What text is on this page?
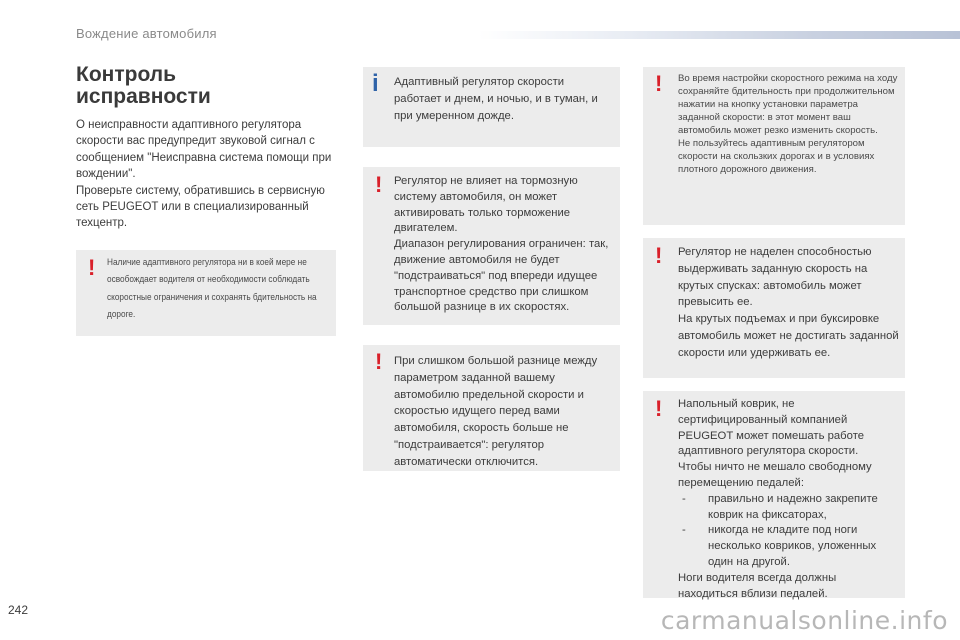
Вождение автомобиля
Контроль
исправности

О неисправности адаптивного регулятора скорости вас предупредит звуковой сигнал с сообщением "Неисправна система помощи при вождении".

Проверьте систему, обратившись в сервисную сеть PEUGEOT или в специализированный техцентр.

! Наличие адаптивного регулятора ни в коей мере не освобождает водителя от необходимости соблюдать скоростные ограничения и сохранять бдительность на дороге.

i Адаптивный регулятор скорости работает и днем, и ночью, и в туман, и при умеренном дожде.

! Регулятор не влияет на тормозную систему автомобиля, он может активировать только торможение двигателем.

Диапазон регулирования ограничен: так, движение автомобиля не будет "подстраиваться" под впереди идущее транспортное средство при слишком большой разнице в их скоростях.

! При слишком большой разнице между параметром заданной вашему автомобилю предельной скорости и скоростью идущего перед вами автомобиля, скорость больше не "подстраивается": регулятор автоматически отключится.

! Во время настройки скоростного режима на ходу сохраняйте бдительность при продолжительном нажатии на кнопку установки параметра заданной скорости: в этот момент ваш автомобиль может резко изменить скорость.

Не пользуйтесь адаптивным регулятором скорости на скользких дорогах и в условиях плотного дорожного движения.

! Регулятор не наделен способностью выдерживать заданную скорость на крутых спусках: автомобиль может превысить ее.

На крутых подъемах и при буксировке автомобиль может не достигать заданной скорости или удерживать ее.

! Напольный коврик, не сертифицированный компанией PEUGEOT может помешать работе адаптивного регулятора скорости.

Чтобы ничто не мешало свободному перемещению педалей:

- правильно и надежно закрепите коврик на фиксаторах,

- никогда не кладите под ноги несколько ковриков, уложенных один на другой.

Ноги водителя всегда должны находиться вблизи педалей.

242	carmanualsonline.info
